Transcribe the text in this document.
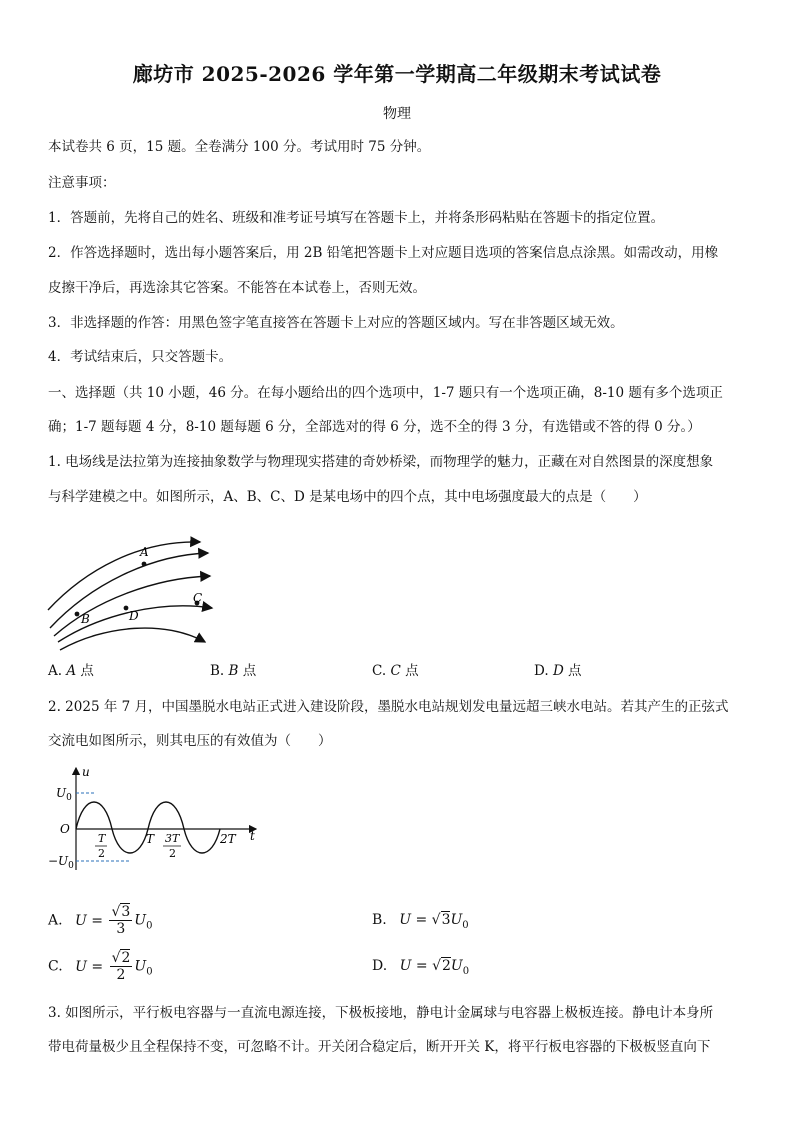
廊坊市 2025-2026 学年第一学期高二年级期末考试试卷
物理
本试卷共 6 页，15 题。全卷满分 100 分。考试用时 75 分钟。
注意事项：
1．答题前，先将自己的姓名、班级和准考证号填写在答题卡上，并将条形码粘贴在答题卡的指定位置。
2．作答选择题时，选出每小题答案后，用 2B 铅笔把答题卡上对应题目选项的答案信息点涂黑。如需改动，用橡
皮擦干净后，再选涂其它答案。不能答在本试卷上，否则无效。
3．非选择题的作答：用黑色签字笔直接答在答题卡上对应的答题区域内。写在非答题区域无效。
4．考试结束后，只交答题卡。
一、选择题（共 10 小题，46 分。在每小题给出的四个选项中，1-7 题只有一个选项正确，8-10 题有多个选项正
确；1-7 题每题 4 分，8-10 题每题 6 分，全部选对的得 6 分，选不全的得 3 分，有选错或不答的得 0 分。）
1. 电场线是法拉第为连接抽象数学与物理现实搭建的奇妙桥梁，而物理学的魅力，正藏在对自然图景的深度想象
与科学建模之中。如图所示，A、B、C、D 是某电场中的四个点，其中电场强度最大的点是（　　）
A
B
C
D
A. A 点	B. B 点	C. C 点	D. D 点
2. 2025 年 7 月，中国墨脱水电站正式进入建设阶段，墨脱水电站规划发电量远超三峡水电站。若其产生的正弦式
交流电如图所示，则其电压的有效值为（　　）
u
t
O
$U_0$
$-U_0$
T
2
T 3T
2
2T
A. $U = \frac{√3}{3} U_0$	B. $U = √3U_0$
C. $U = \frac{√2}{2} U_0$	D. $U = √2U_0$
3. 如图所示，平行板电容器与一直流电源连接，下极板接地，静电计金属球与电容器上极板连接。静电计本身所
带电荷量极少且全程保持不变，可忽略不计。开关闭合稳定后，断开开关 K，将平行板电容器的下极板竖直向下
